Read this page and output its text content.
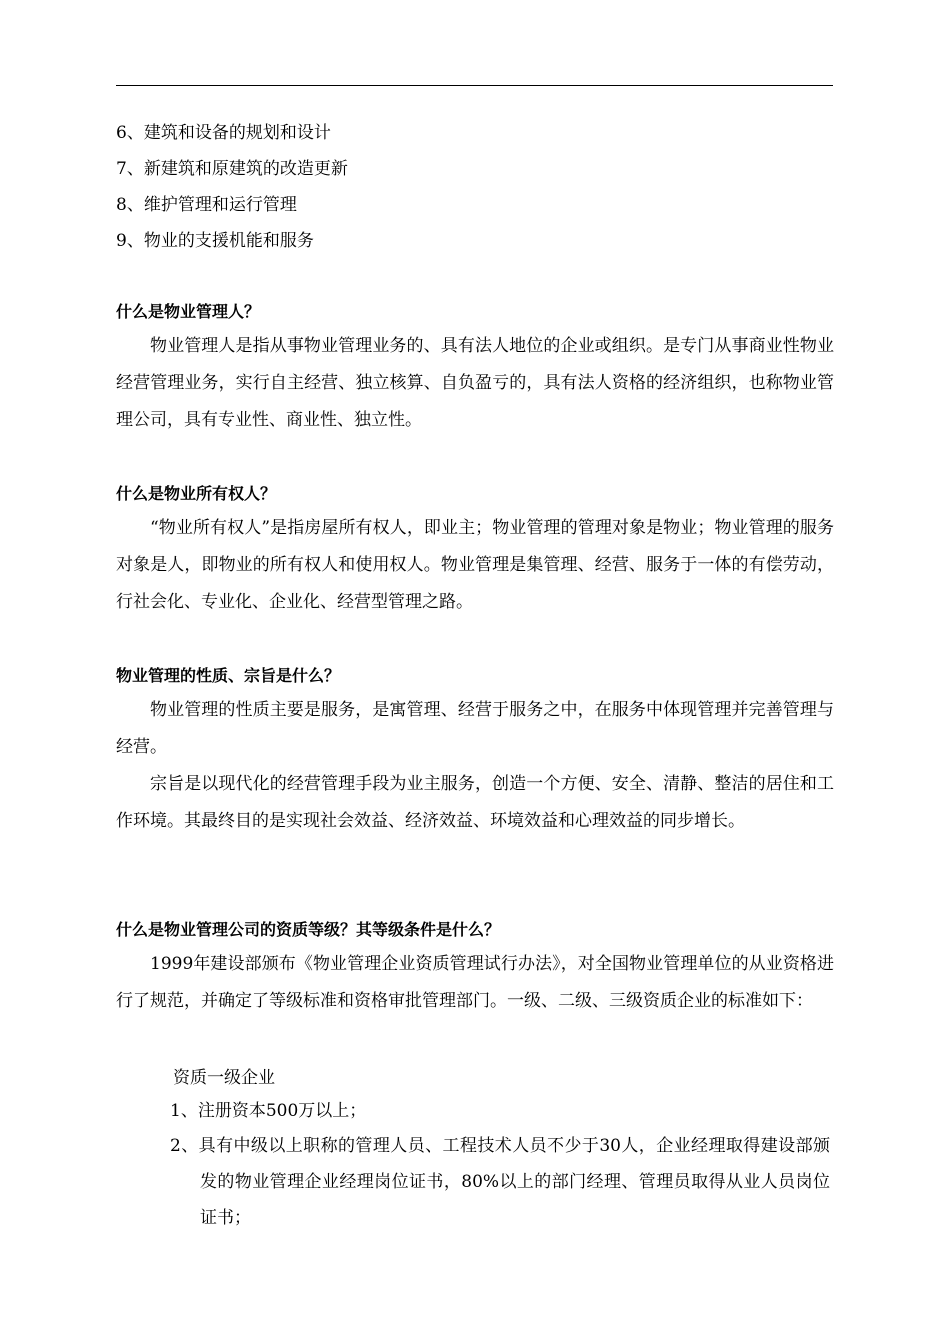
6、建筑和设备的规划和设计
7、新建筑和原建筑的改造更新
8、维护管理和运行管理
9、物业的支援机能和服务
什么是物业管理人？

物业管理人是指从事物业管理业务的、具有法人地位的企业或组织。是专门从事商业性物业经营管理业务，实行自主经营、独立核算、自负盈亏的，具有法人资格的经济组织，也称物业管理公司，具有专业性、商业性、独立性。

什么是物业所有权人？

“物业所有权人”是指房屋所有权人，即业主；物业管理的管理对象是物业；物业管理的服务对象是人，即物业的所有权人和使用权人。物业管理是集管理、经营、服务于一体的有偿劳动，行社会化、专业化、企业化、经营型管理之路。

物业管理的性质、宗旨是什么？

物业管理的性质主要是服务，是寓管理、经营于服务之中，在服务中体现管理并完善管理与经营。

宗旨是以现代化的经营管理手段为业主服务，创造一个方便、安全、清静、整洁的居住和工作环境。其最终目的是实现社会效益、经济效益、环境效益和心理效益的同步增长。

什么是物业管理公司的资质等级？其等级条件是什么？

1999年建设部颁布《物业管理企业资质管理试行办法》，对全国物业管理单位的从业资格进行了规范，并确定了等级标准和资格审批管理部门。一级、二级、三级资质企业的标准如下：

资质一级企业
1、注册资本500万以上；
2、具有中级以上职称的管理人员、工程技术人员不少于30人，企业经理取得建设部颁发的物业管理企业经理岗位证书，80%以上的部门经理、管理员取得从业人员岗位证书；
